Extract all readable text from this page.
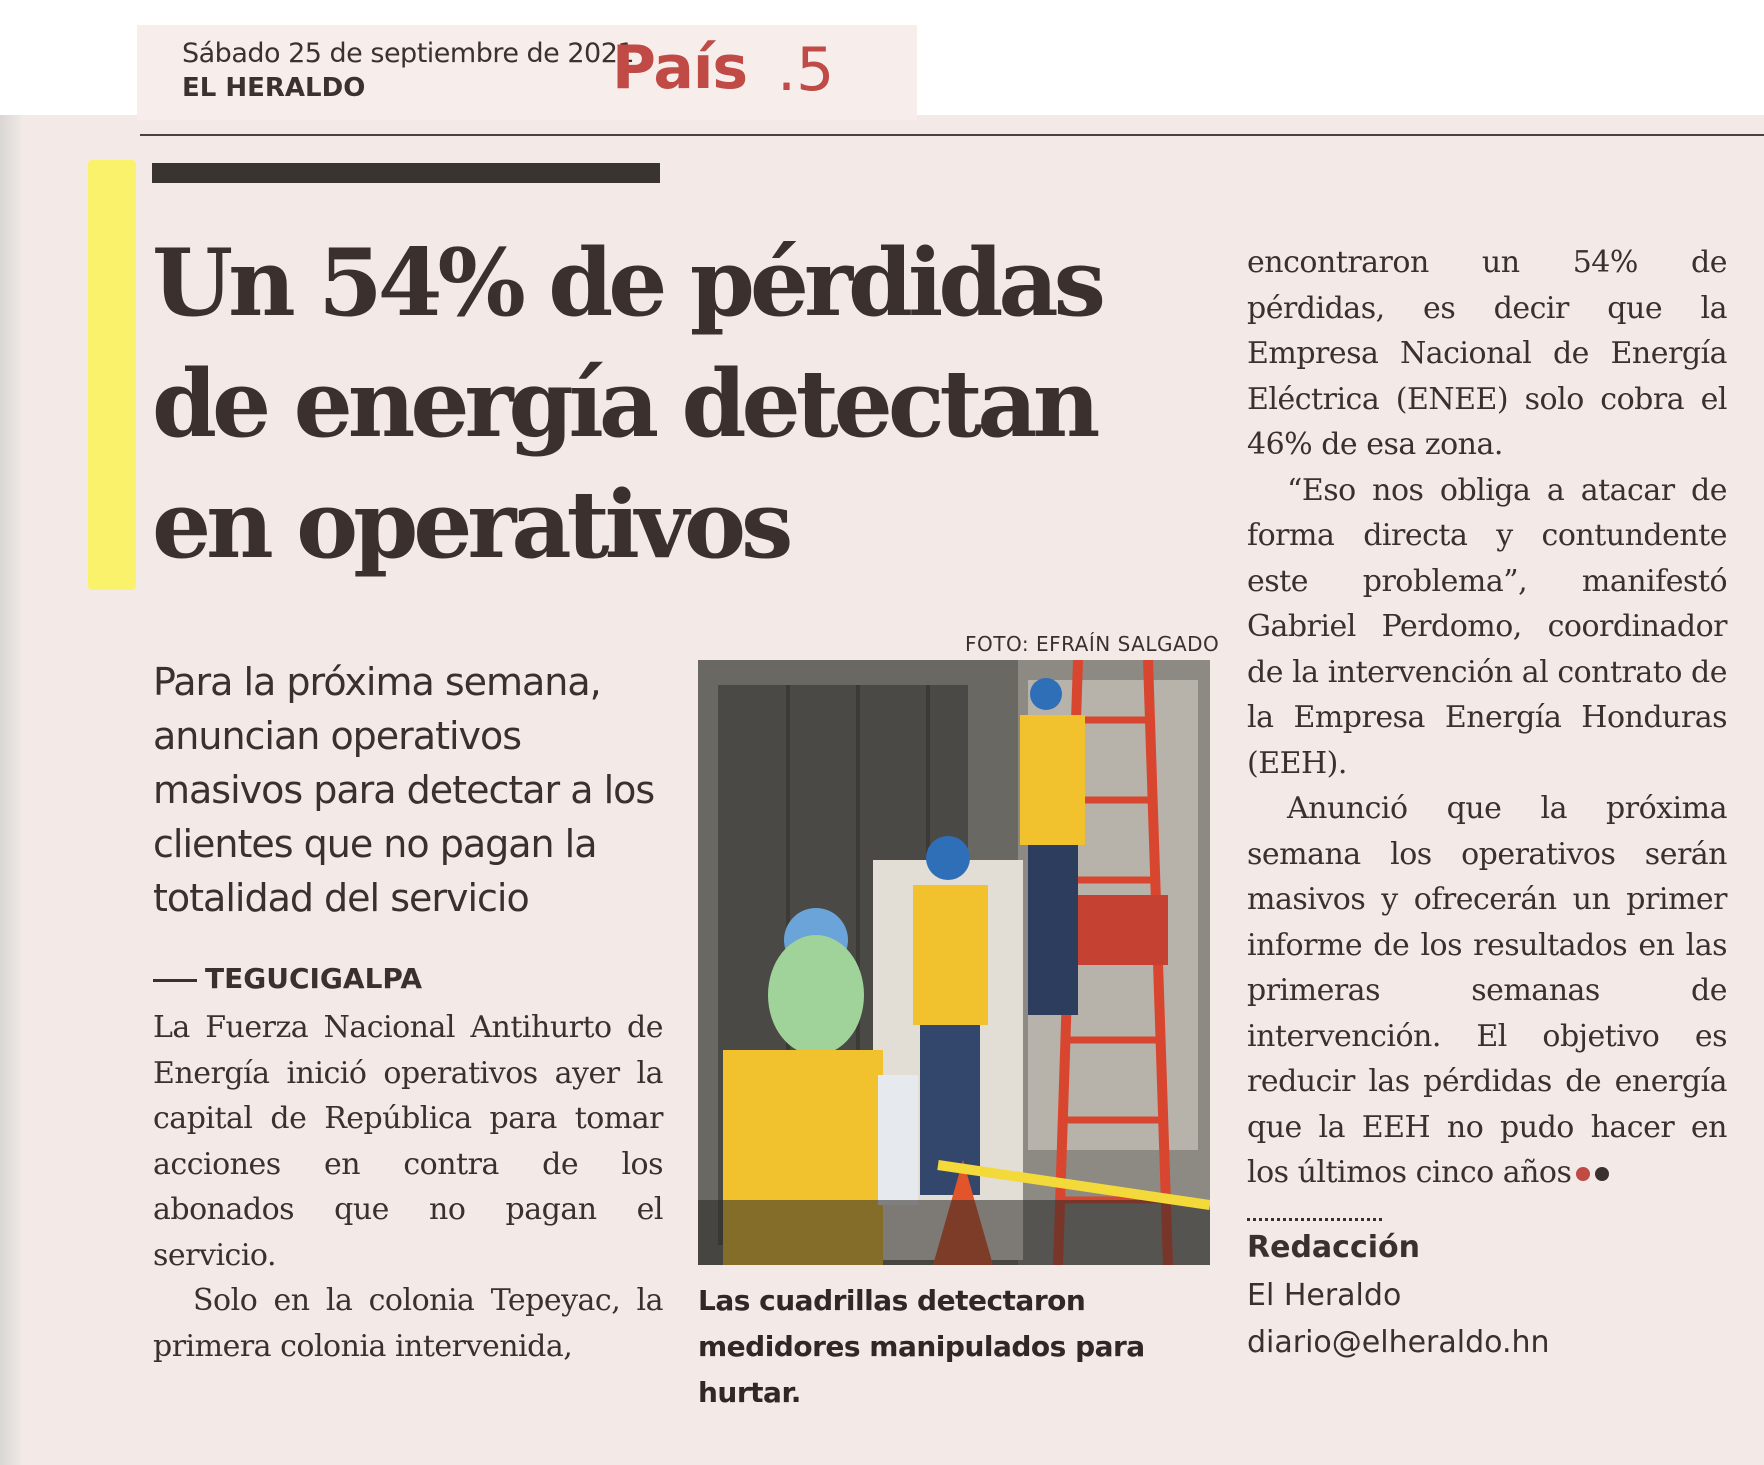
Sábado 25 de septiembre de 2021
EL HERALDO	País .5
Un 54% de pérdidas de energía detectan en operativos
Para la próxima semana, anuncian operativos masivos para detectar a los clientes que no pagan la totalidad del servicio
TEGUCIGALPA

La Fuerza Nacional Antihurto de Energía inició operativos ayer la capital de República para tomar acciones en contra de los abonados que no pagan el servicio.

Solo en la colonia Tepeyac, la primera colonia intervenida,

FOTO: EFRAÍN SALGADO
Las cuadrillas detectaron medidores manipulados para hurtar.

encontraron un 54% de pérdidas, es decir que la Empresa Nacional de Energía Eléctrica (ENEE) solo cobra el 46% de esa zona.

“Eso nos obliga a atacar de forma directa y contundente este problema”, manifestó Gabriel Perdomo, coordinador de la intervención al contrato de la Empresa Energía Honduras (EEH).

Anunció que la próxima semana los operativos serán masivos y ofrecerán un primer informe de los resultados en las primeras semanas de intervención. El objetivo es reducir las pérdidas de energía que la EEH no pudo hacer en los últimos cinco años

Redacción
El Heraldo
diario@elheraldo.hn
